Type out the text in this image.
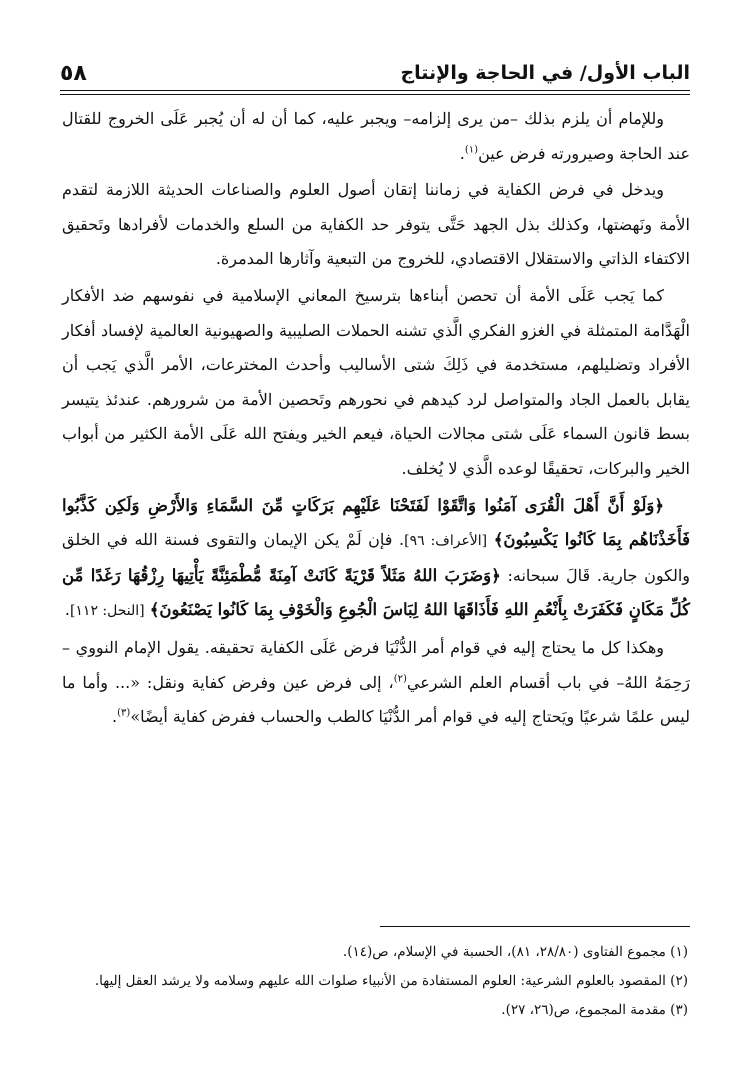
الباب الأول/ في الحاجة والإنتاج
٥٨

وللإمام أن يلزم بذلك –من يرى إلزامه– ويجبر عليه، كما أن له أن يُجبر عَلَى الخروج للقتال عند الحاجة وصيرورته فرض عين$^{(١)}$.

ويدخل في فرض الكفاية في زماننا إتقان أصول العلوم والصناعات الحديثة اللازمة لتقدم الأمة ونَهضتها، وكذلك بذل الجهد حَتَّى يتوفر حد الكفاية من السلع والخدمات لأفرادها وتَحقيق الاكتفاء الذاتي والاستقلال الاقتصادي، للخروج من التبعية وآثارها المدمرة.

كما يَجب عَلَى الأمة أن تحصن أبناءها بترسيخ المعاني الإسلامية في نفوسهم ضد الأفكار الْهَدَّامة المتمثلة في الغزو الفكري الَّذي تشنه الحملات الصليبية والصهيونية العالمية لإفساد أفكار الأفراد وتضليلهم، مستخدمة في ذَلِكَ شتى الأساليب وأحدث المخترعات، الأمر الَّذي يَجب أن يقابل بالعمل الجاد والمتواصل لرد كيدهم في نحورهم وتَحصين الأمة من شرورهم. عندئذ يتيسر بسط قانون السماء عَلَى شتى مجالات الحياة، فيعم الخير ويفتح الله عَلَى الأمة الكثير من أبواب الخير والبركات، تحقيقًا لوعده الَّذي لا يُخلف.

﴿وَلَوْ أَنَّ أَهْلَ الْقُرَى آمَنُوا وَاتَّقَوْا لَفَتَحْنَا عَلَيْهِم بَرَكَاتٍ مِّنَ السَّمَاءِ وَالأَرْضِ وَلَكِن كَذَّبُوا فَأَخَذْنَاهُم بِمَا كَانُوا يَكْسِبُونَ﴾ [الأعراف: ٩٦]. فإن لَمْ يكن الإيمان والتقوى فسنة الله في الخلق والكون جارية. قَالَ سبحانه: ﴿وَضَرَبَ اللهُ مَثَلاً قَرْيَةً كَانَتْ آمِنَةً مُّطْمَئِنَّةً يَأْتِيهَا رِزْقُهَا رَغَدًا مِّن كُلِّ مَكَانٍ فَكَفَرَتْ بِأَنْعُمِ اللهِ فَأَذَاقَهَا اللهُ لِبَاسَ الْجُوعِ وَالْخَوْفِ بِمَا كَانُوا يَصْنَعُونَ﴾ [النحل: ١١٢].

وهكذا كل ما يحتاج إليه في قوام أمر الدُّنْيَا فرض عَلَى الكفاية تحقيقه. يقول الإمام النووي –رَحِمَهُ اللهُ– في باب أقسام العلم الشرعي$^{(٢)}$، إلى فرض عين وفرض كفاية ونقل: «... وأما ما ليس علمًا شرعيًا ويَحتاج إليه في قوام أمر الدُّنْيَا كالطب والحساب ففرض كفاية أيضًا»$^{(٣)}$.

(١) مجموع الفتاوى (٢٨/٨٠، ٨١)، الحسبة في الإسلام، ص(١٤).

(٢) المقصود بالعلوم الشرعية: العلوم المستفادة من الأنبياء صلوات الله عليهم وسلامه ولا يرشد العقل إليها.

(٣) مقدمة المجموع، ص(٢٦، ٢٧).
